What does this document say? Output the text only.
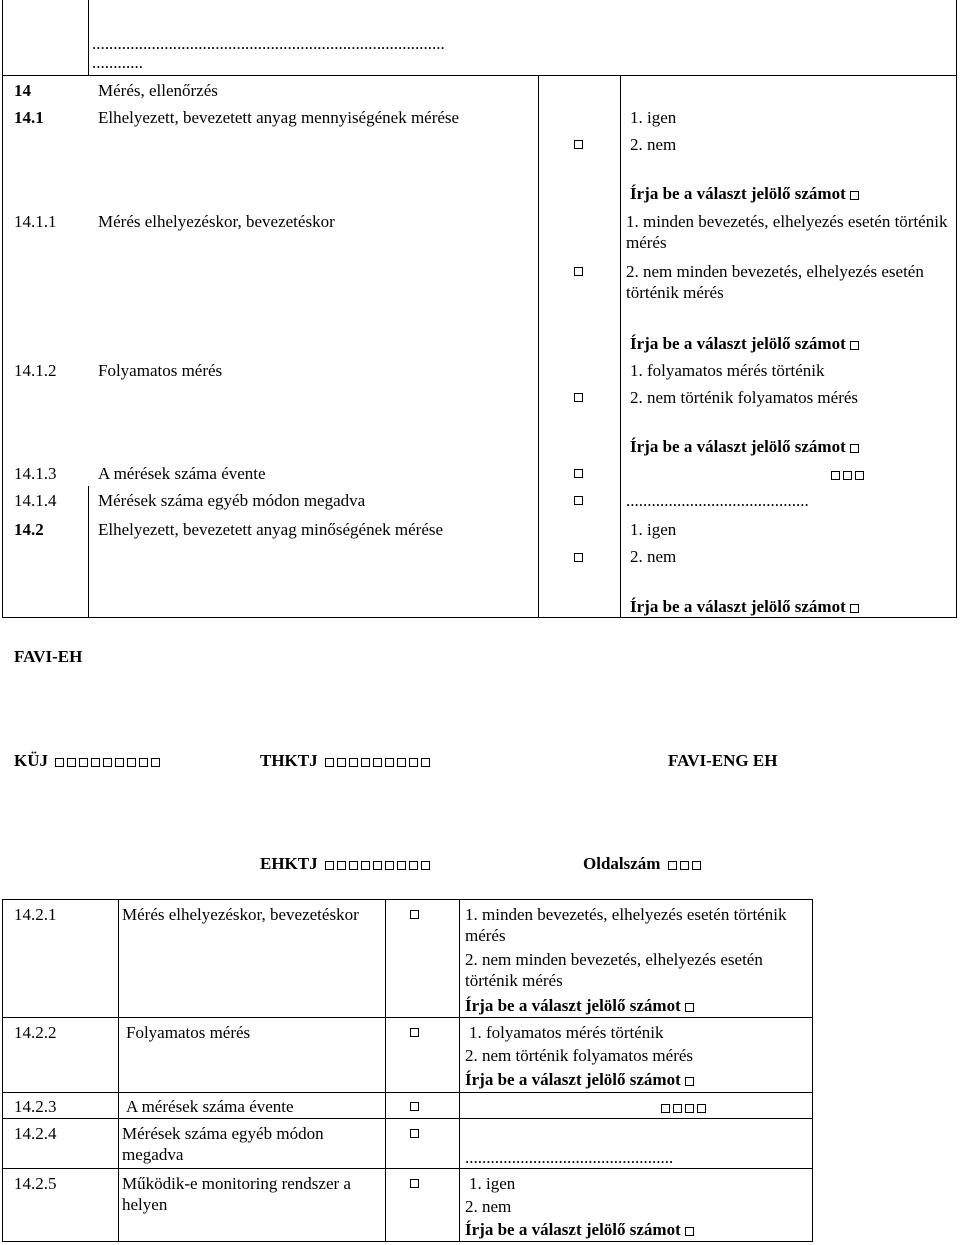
...................................................................................
............
14	Mérés, ellenőrzés
14.1	Elhelyezett, bevezetett anyag mennyiségének mérése	1. igen
2. nem
Írja be a választ jelölő számot
14.1.1 Mérés elhelyezéskor, bevezetéskor	1. minden bevezetés, elhelyezés esetén történik mérés
2. nem minden bevezetés, elhelyezés esetén történik mérés
Írja be a választ jelölő számot
14.1.2 Folyamatos mérés	1. folyamatos mérés történik
2. nem történik folyamatos mérés
Írja be a választ jelölő számot
14.1.3 A mérések száma évente
14.1.4 Mérések száma egyéb módon megadva	...........................................
14.2	Elhelyezett, bevezetett anyag minőségének mérése	1. igen
2. nem
Írja be a választ jelölő számot
FAVI-EH
KÜJ	THKTJ	FAVI-ENG EH
EHKTJ	Oldalszám
14.2.1	Mérés elhelyezéskor, bevezetéskor	1. minden bevezetés, elhelyezés esetén történik mérés
2. nem minden bevezetés, elhelyezés esetén történik mérés
Írja be a választ jelölő számot
14.2.2	Folyamatos mérés	1. folyamatos mérés történik
2. nem történik folyamatos mérés
Írja be a választ jelölő számot
14.2.3	A mérések száma évente
14.2.4	Mérések száma egyéb módon megadva	.................................................
14.2.5	Működik-e monitoring rendszer a helyen
1. igen
2. nem
Írja be a választ jelölő számot
